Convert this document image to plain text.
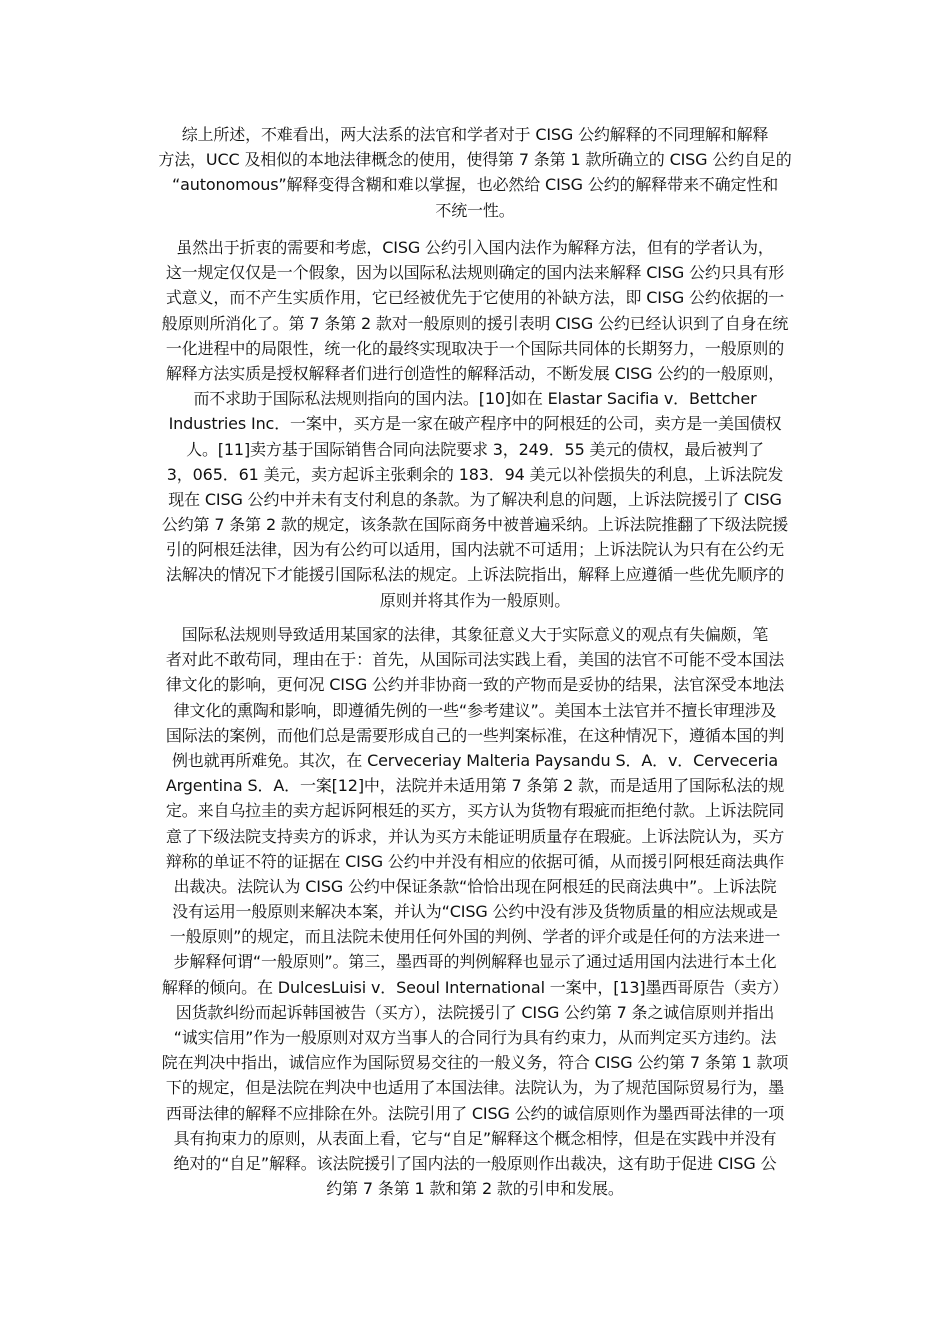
综上所述，不难看出，两大法系的法官和学者对于 CISG 公约解释的不同理解和解释
方法，UCC 及相似的本地法律概念的使用，使得第 7 条第 1 款所确立的 CISG 公约自足的
“autonomous”解释变得含糊和难以掌握，也必然给 CISG 公约的解释带来不确定性和
不统一性。
虽然出于折衷的需要和考虑，CISG 公约引入国内法作为解释方法，但有的学者认为，
这一规定仅仅是一个假象，因为以国际私法规则确定的国内法来解释 CISG 公约只具有形
式意义，而不产生实质作用，它已经被优先于它使用的补缺方法，即 CISG 公约依据的一
般原则所消化了。第 7 条第 2 款对一般原则的援引表明 CISG 公约已经认识到了自身在统
一化进程中的局限性，统一化的最终实现取决于一个国际共同体的长期努力，一般原则的
解释方法实质是授权解释者们进行创造性的解释活动，不断发展 CISG 公约的一般原则，
而不求助于国际私法规则指向的国内法。[10]如在 Elastar Sacifia v．Bettcher
Industries Inc．一案中，买方是一家在破产程序中的阿根廷的公司，卖方是一美国债权
人。[11]卖方基于国际销售合同向法院要求 3，249．55 美元的债权，最后被判了
3，065．61 美元，卖方起诉主张剩余的 183．94 美元以补偿损失的利息，上诉法院发
现在 CISG 公约中并未有支付利息的条款。为了解决利息的问题，上诉法院援引了 CISG
公约第 7 条第 2 款的规定，该条款在国际商务中被普遍采纳。上诉法院推翻了下级法院援
引的阿根廷法律，因为有公约可以适用，国内法就不可适用；上诉法院认为只有在公约无
法解决的情况下才能援引国际私法的规定。上诉法院指出，解释上应遵循一些优先顺序的
原则并将其作为一般原则。
国际私法规则导致适用某国家的法律，其象征意义大于实际意义的观点有失偏颇，笔
者对此不敢苟同，理由在于：首先，从国际司法实践上看，美国的法官不可能不受本国法
律文化的影响，更何况 CISG 公约并非协商一致的产物而是妥协的结果，法官深受本地法
律文化的熏陶和影响，即遵循先例的一些“参考建议”。美国本土法官并不擅长审理涉及
国际法的案例，而他们总是需要形成自己的一些判案标准，在这种情况下，遵循本国的判
例也就再所难免。其次，在 Cerveceriay Malteria Paysandu S．A．v．Cerveceria
Argentina S．A．一案[12]中，法院并未适用第 7 条第 2 款，而是适用了国际私法的规
定。来自乌拉圭的卖方起诉阿根廷的买方，买方认为货物有瑕疵而拒绝付款。上诉法院同
意了下级法院支持卖方的诉求，并认为买方未能证明质量存在瑕疵。上诉法院认为，买方
辩称的单证不符的证据在 CISG 公约中并没有相应的依据可循，从而援引阿根廷商法典作
出裁决。法院认为 CISG 公约中保证条款“恰恰出现在阿根廷的民商法典中”。上诉法院
没有运用一般原则来解决本案，并认为“CISG 公约中没有涉及货物质量的相应法规或是
一般原则”的规定，而且法院未使用任何外国的判例、学者的评介或是任何的方法来进一
步解释何谓“一般原则”。第三，墨西哥的判例解释也显示了通过适用国内法进行本土化
解释的倾向。在 DulcesLuisi v．Seoul International 一案中，[13]墨西哥原告（卖方）
因货款纠纷而起诉韩国被告（买方），法院援引了 CISG 公约第 7 条之诚信原则并指出
“诚实信用”作为一般原则对双方当事人的合同行为具有约束力，从而判定买方违约。法
院在判决中指出，诚信应作为国际贸易交往的一般义务，符合 CISG 公约第 7 条第 1 款项
下的规定，但是法院在判决中也适用了本国法律。法院认为，为了规范国际贸易行为，墨
西哥法律的解释不应排除在外。法院引用了 CISG 公约的诚信原则作为墨西哥法律的一项
具有拘束力的原则，从表面上看，它与“自足”解释这个概念相悖，但是在实践中并没有
绝对的“自足”解释。该法院援引了国内法的一般原则作出裁决，这有助于促进 CISG 公
约第 7 条第 1 款和第 2 款的引申和发展。
